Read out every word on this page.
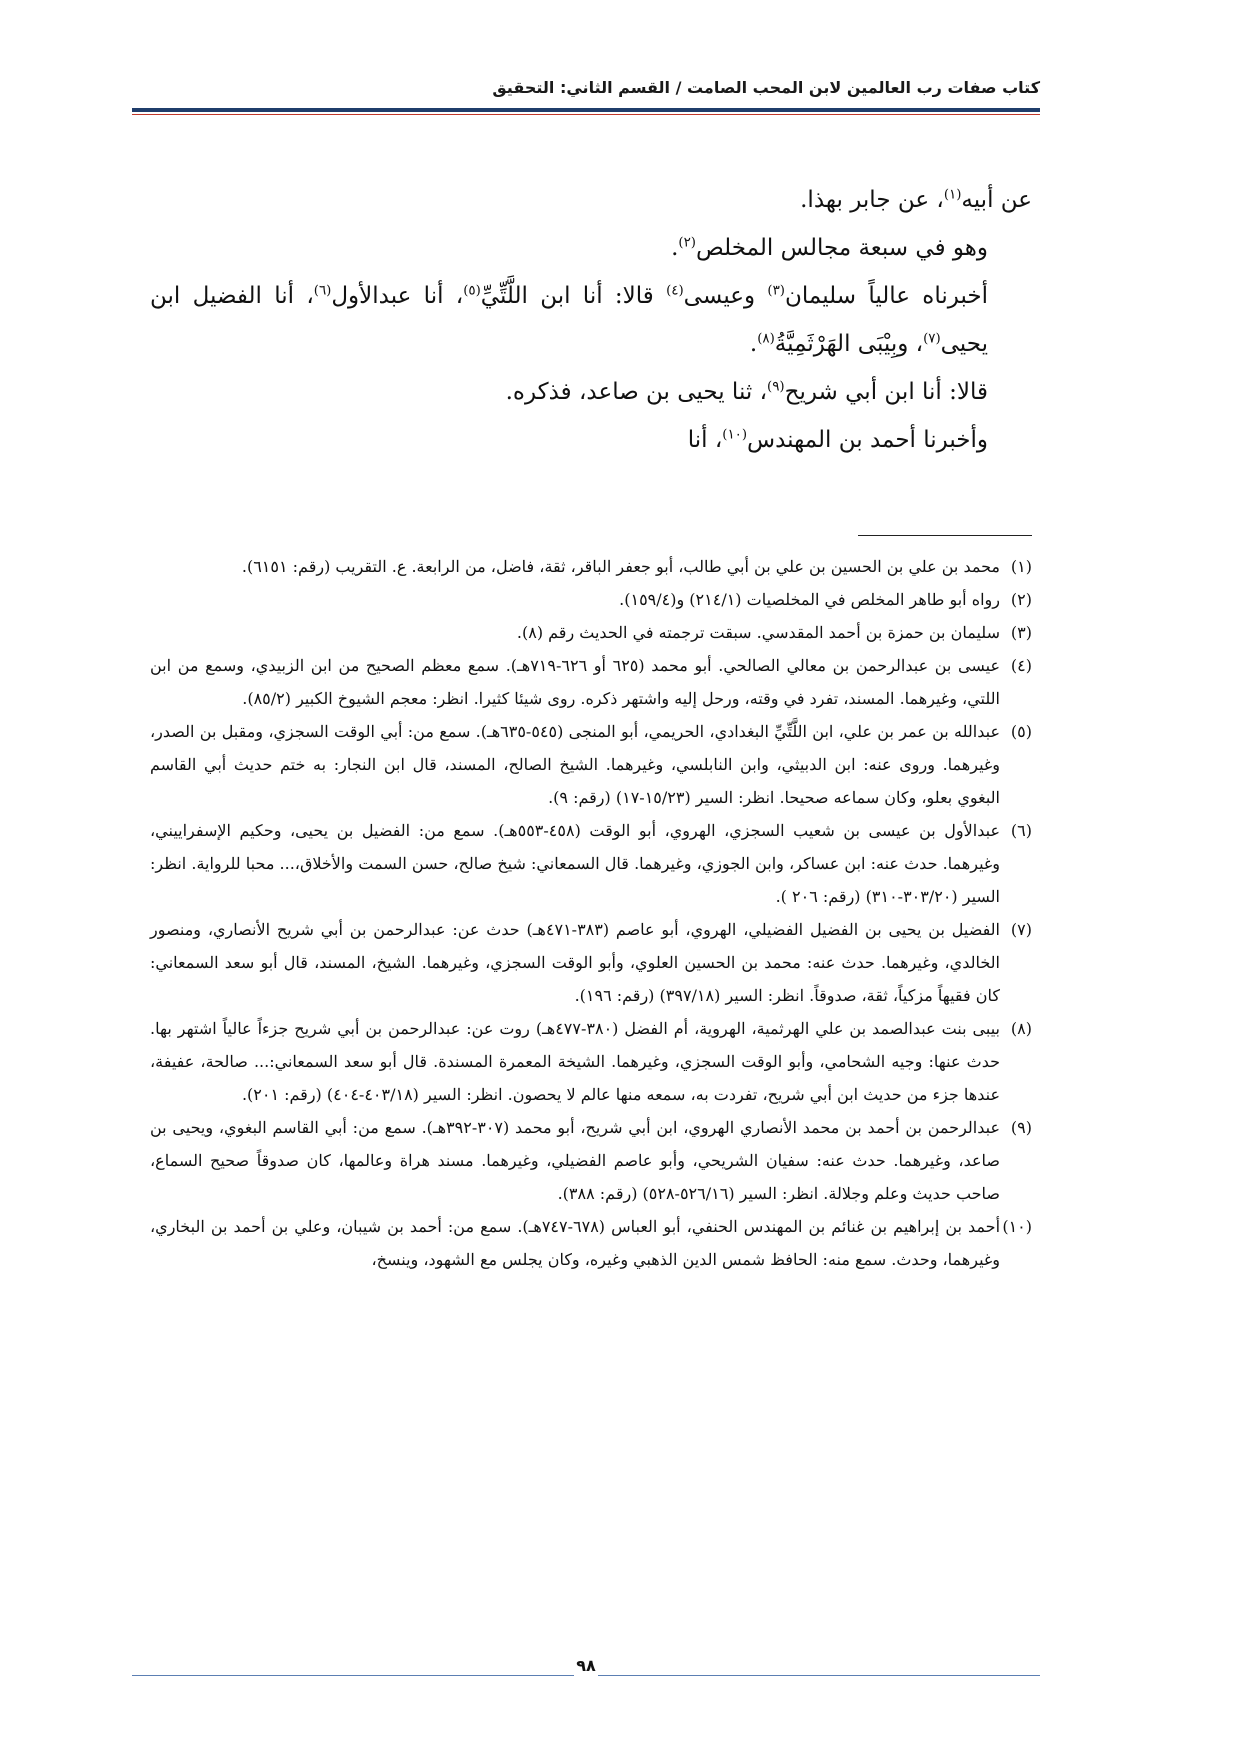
كتاب صفات رب العالمين لابن المحب الصامت / القسم الثاني: التحقيق

عن أبيه$^{(١)}$، عن جابر بهذا.

وهو في سبعة مجالس المخلص$^{(٢)}$.

أخبرناه عالياً سليمان$^{(٣)}$ وعيسى$^{(٤)}$ قالا: أنا ابن اللَّتِّيِّ$^{(٥)}$، أنا عبدالأول$^{(٦)}$، أنا الفضيل ابن يحيى$^{(٧)}$، وبِيْبَى الهَرْثَمِيَّةُ$^{(٨)}$.

قالا: أنا ابن أبي شريح$^{(٩)}$، ثنا يحيى بن صاعد، فذكره.

وأخبرنا أحمد بن المهندس$^{(١٠)}$، أنا

(١)
محمد بن علي بن الحسين بن علي بن أبي طالب، أبو جعفر الباقر، ثقة، فاضل، من الرابعة. ع. التقريب (رقم: ٦١٥١).
(٢)
رواه أبو طاهر المخلص في المخلصيات (٢١٤/١) و(١٥٩/٤).
(٣)
سليمان بن حمزة بن أحمد المقدسي. سبقت ترجمته في الحديث رقم (٨).
(٤)
عيسى بن عبدالرحمن بن معالي الصالحي. أبو محمد (٦٢٥ أو ٦٢٦-٧١٩هـ). سمع معظم الصحيح من ابن الزبيدي، وسمع من ابن اللتي، وغيرهما. المسند، تفرد في وقته، ورحل إليه واشتهر ذكره. روى شيئا كثيرا. انظر: معجم الشيوخ الكبير (٨٥/٢).
(٥)
عبدالله بن عمر بن علي، ابن اللَّتِّيِّ البغدادي، الحريمي، أبو المنجى (٥٤٥-٦٣٥هـ). سمع من: أبي الوقت السجزي، ومقبل بن الصدر، وغيرهما. وروى عنه: ابن الدبيثي، وابن النابلسي، وغيرهما. الشيخ الصالح، المسند، قال ابن النجار: به ختم حديث أبي القاسم البغوي بعلو، وكان سماعه صحيحا. انظر: السير (١٥/٢٣-١٧) (رقم: ٩).
(٦)
عبدالأول بن عيسى بن شعيب السجزي، الهروي، أبو الوقت (٤٥٨-٥٥٣هـ). سمع من: الفضيل بن يحيى، وحكيم الإسفراييني، وغيرهما. حدث عنه: ابن عساكر، وابن الجوزي، وغيرهما. قال السمعاني: شيخ صالح، حسن السمت والأخلاق،... محبا للرواية. انظر: السير (٣٠٣/٢٠-٣١٠) (رقم: ٢٠٦ ).
(٧)
الفضيل بن يحيى بن الفضيل الفضيلي، الهروي، أبو عاصم (٣٨٣-٤٧١هـ) حدث عن: عبدالرحمن بن أبي شريح الأنصاري، ومنصور الخالدي، وغيرهما. حدث عنه: محمد بن الحسين العلوي، وأبو الوقت السجزي، وغيرهما. الشيخ، المسند، قال أبو سعد السمعاني: كان فقيهاً مزكياً، ثقة، صدوقاً. انظر: السير (٣٩٧/١٨) (رقم: ١٩٦).
(٨)
بيبى بنت عبدالصمد بن علي الهرثمية، الهروية، أم الفضل (٣٨٠-٤٧٧هـ) روت عن: عبدالرحمن بن أبي شريح جزءاً عالياً اشتهر بها. حدث عنها: وجيه الشحامي، وأبو الوقت السجزي، وغيرهما. الشيخة المعمرة المسندة. قال أبو سعد السمعاني:... صالحة، عفيفة، عندها جزء من حديث ابن أبي شريح، تفردت به، سمعه منها عالم لا يحصون. انظر: السير (٤٠٣/١٨-٤٠٤) (رقم: ٢٠١).
(٩)
عبدالرحمن بن أحمد بن محمد الأنصاري الهروي، ابن أبي شريح، أبو محمد (٣٠٧-٣٩٢هـ). سمع من: أبي القاسم البغوي، ويحيى بن صاعد، وغيرهما. حدث عنه: سفيان الشريحي، وأبو عاصم الفضيلي، وغيرهما. مسند هراة وعالمها، كان صدوقاً صحيح السماع، صاحب حديث وعلم وجلالة. انظر: السير (٥٢٦/١٦-٥٢٨) (رقم: ٣٨٨).
(١٠)
أحمد بن إبراهيم بن غنائم بن المهندس الحنفي، أبو العباس (٦٧٨-٧٤٧هـ). سمع من: أحمد بن شيبان، وعلي بن أحمد بن البخاري، وغيرهما، وحدث. سمع منه: الحافظ شمس الدين الذهبي وغيره، وكان يجلس مع الشهود، وينسخ،
٩٨
